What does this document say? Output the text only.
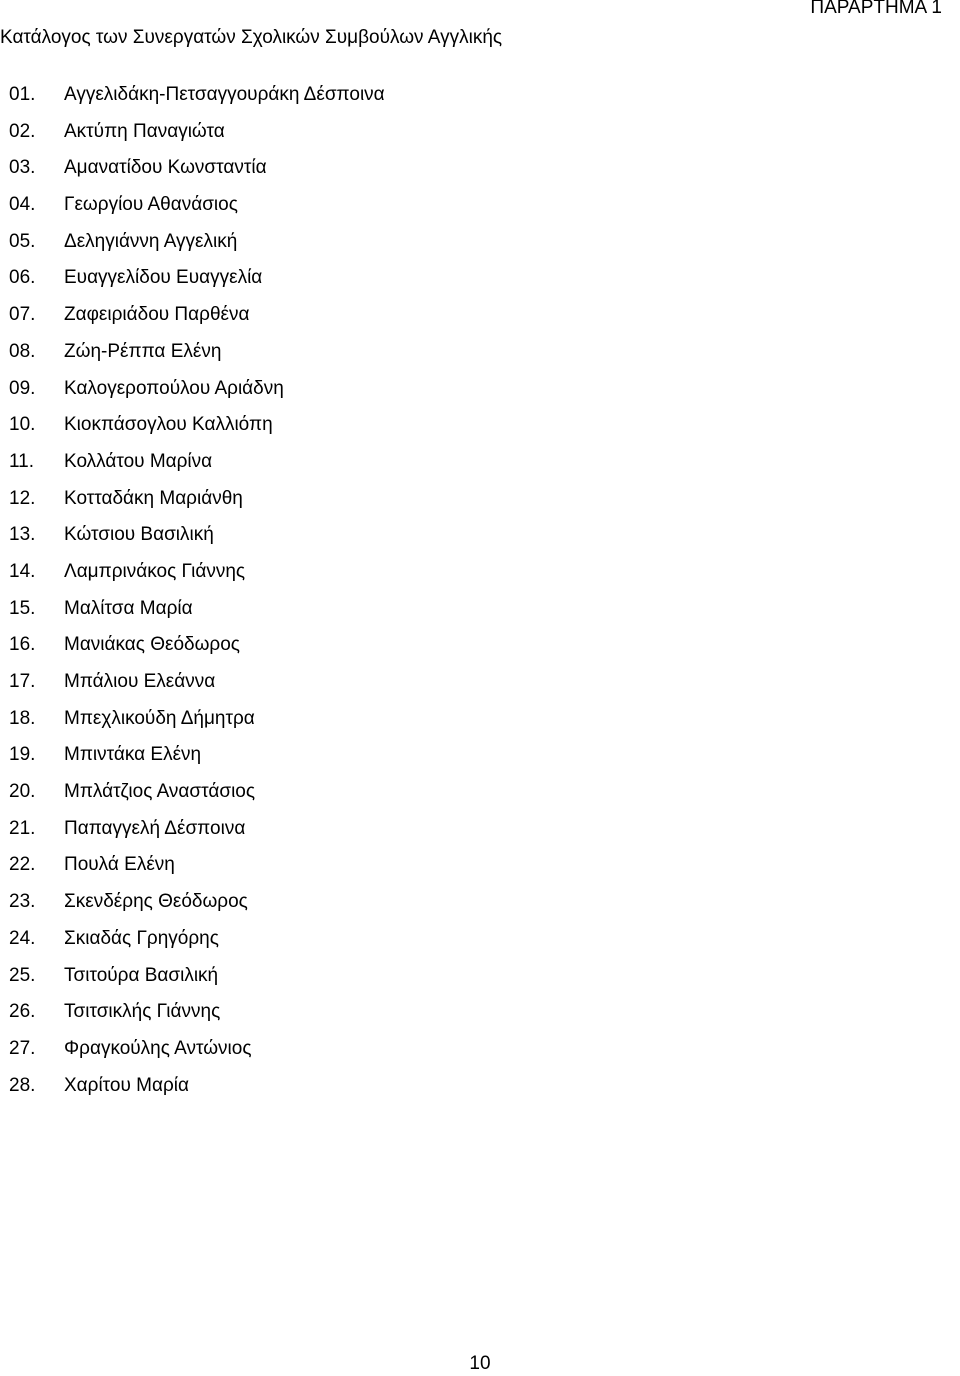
ΠΑΡΑΡΤΗΜΑ 1
Κατάλογος των Συνεργατών Σχολικών Συμβούλων Αγγλικής
01.	Αγγελιδάκη-Πετσαγγουράκη Δέσποινα
02.	Ακτύπη Παναγιώτα
03.	Αμανατίδου Κωνσταντία
04.	Γεωργίου Αθανάσιος
05.	Δεληγιάννη Αγγελική
06.	Ευαγγελίδου Ευαγγελία
07.	Ζαφειριάδου Παρθένα
08.	Ζώη-Ρέππα Ελένη
09.	Καλογεροπούλου Αριάδνη
10.	Κιοκπάσογλου Καλλιόπη
11.	Κολλάτου Μαρίνα
12.	Κοτταδάκη Μαριάνθη
13.	Κώτσιου Βασιλική
14.	Λαμπρινάκος Γιάννης
15.	Μαλίτσα Μαρία
16.	Μανιάκας Θεόδωρος
17.	Μπάλιου Ελεάννα
18.	Μπεχλικούδη Δήμητρα
19.	Μπιντάκα Ελένη
20.	Μπλάτζιος Αναστάσιος
21.	Παπαγγελή Δέσποινα
22.	Πουλά Ελένη
23.	Σκενδέρης Θεόδωρος
24.	Σκιαδάς Γρηγόρης
25.	Τσιτούρα Βασιλική
26.	Τσιτσικλής Γιάννης
27.	Φραγκούλης Αντώνιος
28.	Χαρίτου Μαρία
10
